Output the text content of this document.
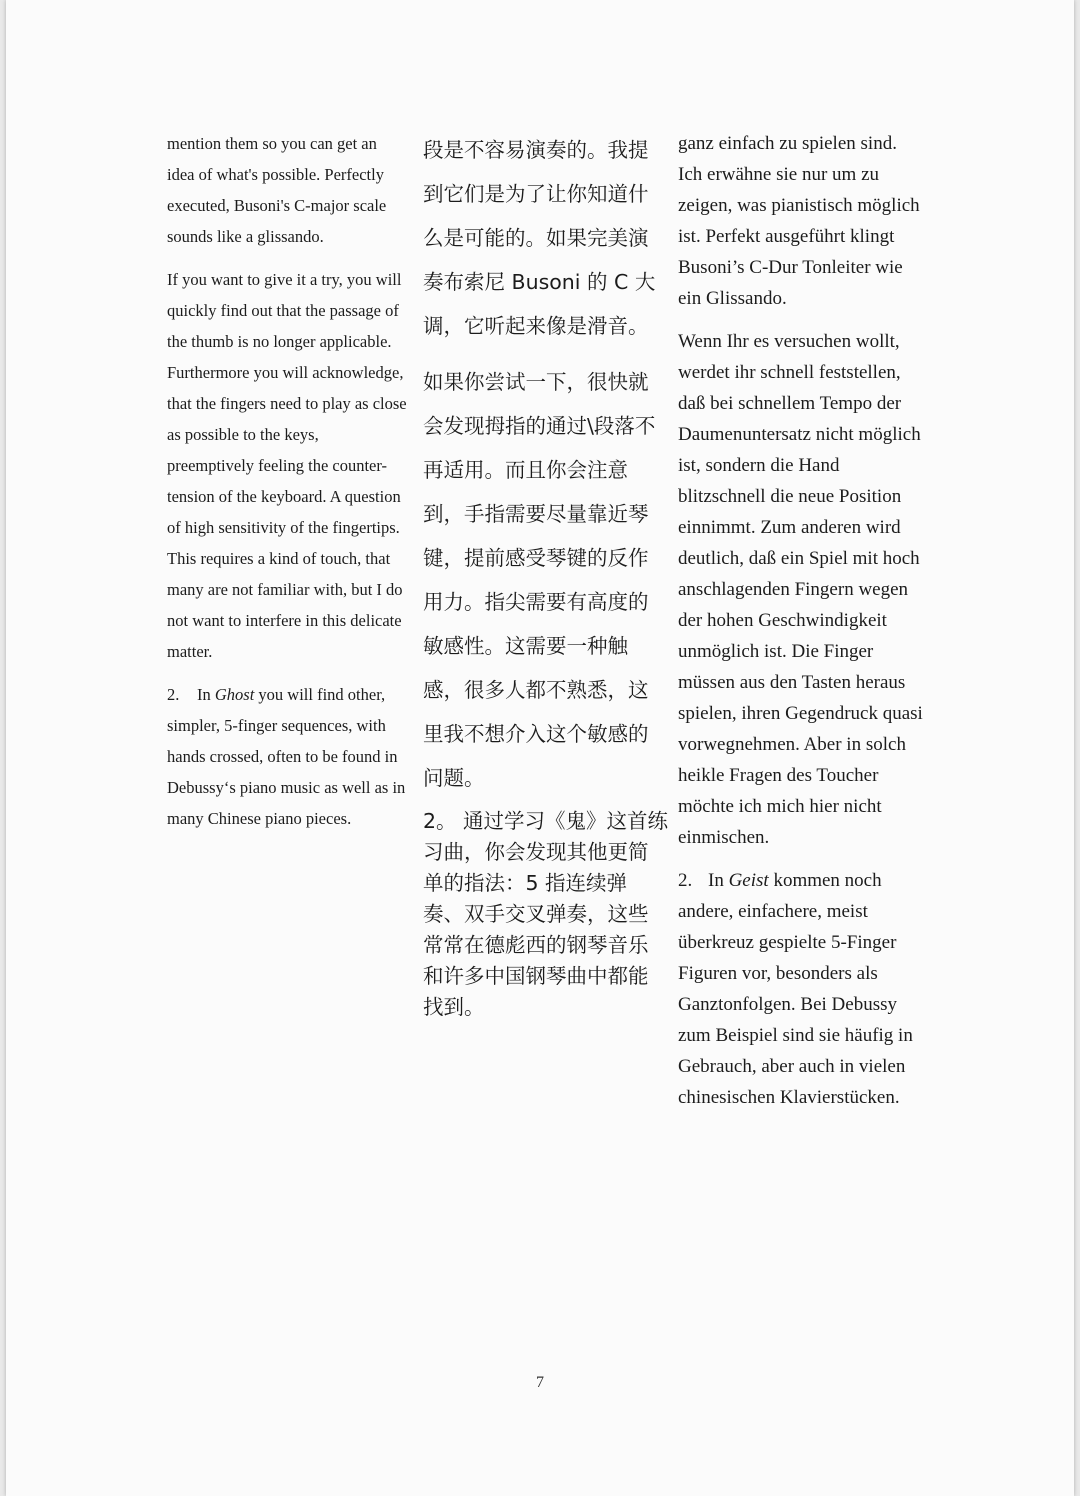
mention them so you can get an idea of what's possible. Perfectly executed, Busoni's C-major scale sounds like a glissando.

If you want to give it a try, you will quickly find out that the passage of the thumb is no longer applicable. Furthermore you will acknowledge, that the fingers need to play as close as possible to the keys, preemptively feeling the counter-tension of the keyboard. A question of high sensitivity of the fingertips. This requires a kind of touch, that many are not familiar with, but I do not want to interfere in this delicate matter.

2. In Ghost you will find other, simpler, 5-finger sequences, with hands crossed, often to be found in Debussy‘s piano music as well as in many Chinese piano pieces.

段是不容易演奏的。我提到它们是为了让你知道什么是可能的。如果完美演奏布索尼 Busoni 的 C 大调，它听起来像是滑音。

如果你尝试一下，很快就会发现拇指的通过\段落不再适用。而且你会注意到，手指需要尽量靠近琴键，提前感受琴键的反作用力。指尖需要有高度的敏感性。这需要一种触感，很多人都不熟悉，这里我不想介入这个敏感的问题。

2。 通过学习《鬼》这首练习曲，你会发现其他更简单的指法：5 指连续弹奏、双手交叉弹奏，这些常常在德彪西的钢琴音乐和许多中国钢琴曲中都能找到。

ganz einfach zu spielen sind. Ich erwähne sie nur um zu zeigen, was pianistisch möglich ist. Perfekt ausgeführt klingt Busoni’s C-Dur Tonleiter wie ein Glissando.

Wenn Ihr es versuchen wollt, werdet ihr schnell feststellen, daß bei schnellem Tempo der Daumenuntersatz nicht möglich ist, sondern die Hand blitzschnell die neue Position einnimmt. Zum anderen wird deutlich, daß ein Spiel mit hoch anschlagenden Fingern wegen der hohen Geschwindigkeit unmöglich ist. Die Finger müssen aus den Tasten heraus spielen, ihren Gegendruck quasi vorwegnehmen. Aber in solch heikle Fragen des Toucher möchte ich mich hier nicht einmischen.

2. In Geist kommen noch andere, einfachere, meist überkreuz gespielte 5-Finger Figuren vor, besonders als Ganztonfolgen. Bei Debussy zum Beispiel sind sie häufig in Gebrauch, aber auch in vielen chinesischen Klavierstücken.

7
